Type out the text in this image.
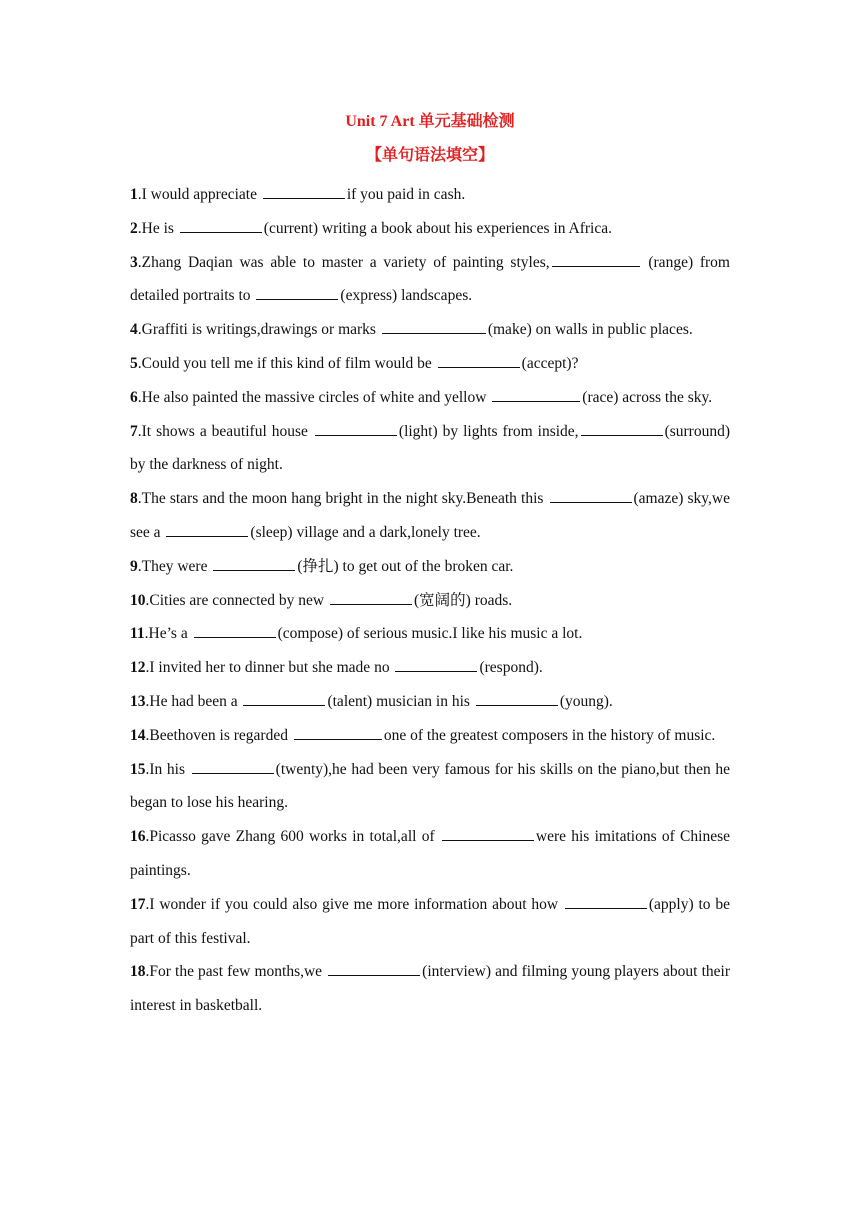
Unit 7 Art 单元基础检测
【单句语法填空】

1.I would appreciate	if you paid in cash.

2.He is	(current) writing a book about his experiences in Africa.

3.Zhang Daqian was able to master a variety of painting styles,	(range) from detailed portraits to	(express) landscapes.

4.Graffiti is writings,drawings or marks	(make) on walls in public places.

5.Could you tell me if this kind of film would be	(accept)?

6.He also painted the massive circles of white and yellow	(race) across the sky.

7.It shows a beautiful house	(light) by lights from inside,	(surround) by the darkness of night.

8.The stars and the moon hang bright in the night sky.Beneath this	(amaze) sky,we see a	(sleep) village and a dark,lonely tree.

9.They were	(挣扎) to get out of the broken car.

10.Cities are connected by new	(宽阔的) roads.

11.He’s a	(compose) of serious music.I like his music a lot.

12.I invited her to dinner but she made no	(respond).

13.He had been a	(talent) musician in his	(young).

14.Beethoven is regarded	one of the greatest composers in the history of music.

15.In his	(twenty),he had been very famous for his skills on the piano,but then he began to lose his hearing.

16.Picasso gave Zhang 600 works in total,all of	were his imitations of Chinese paintings.

17.I wonder if you could also give me more information about how	(apply) to be part of this festival.

18.For the past few months,we	(interview) and filming young players about their interest in basketball.
